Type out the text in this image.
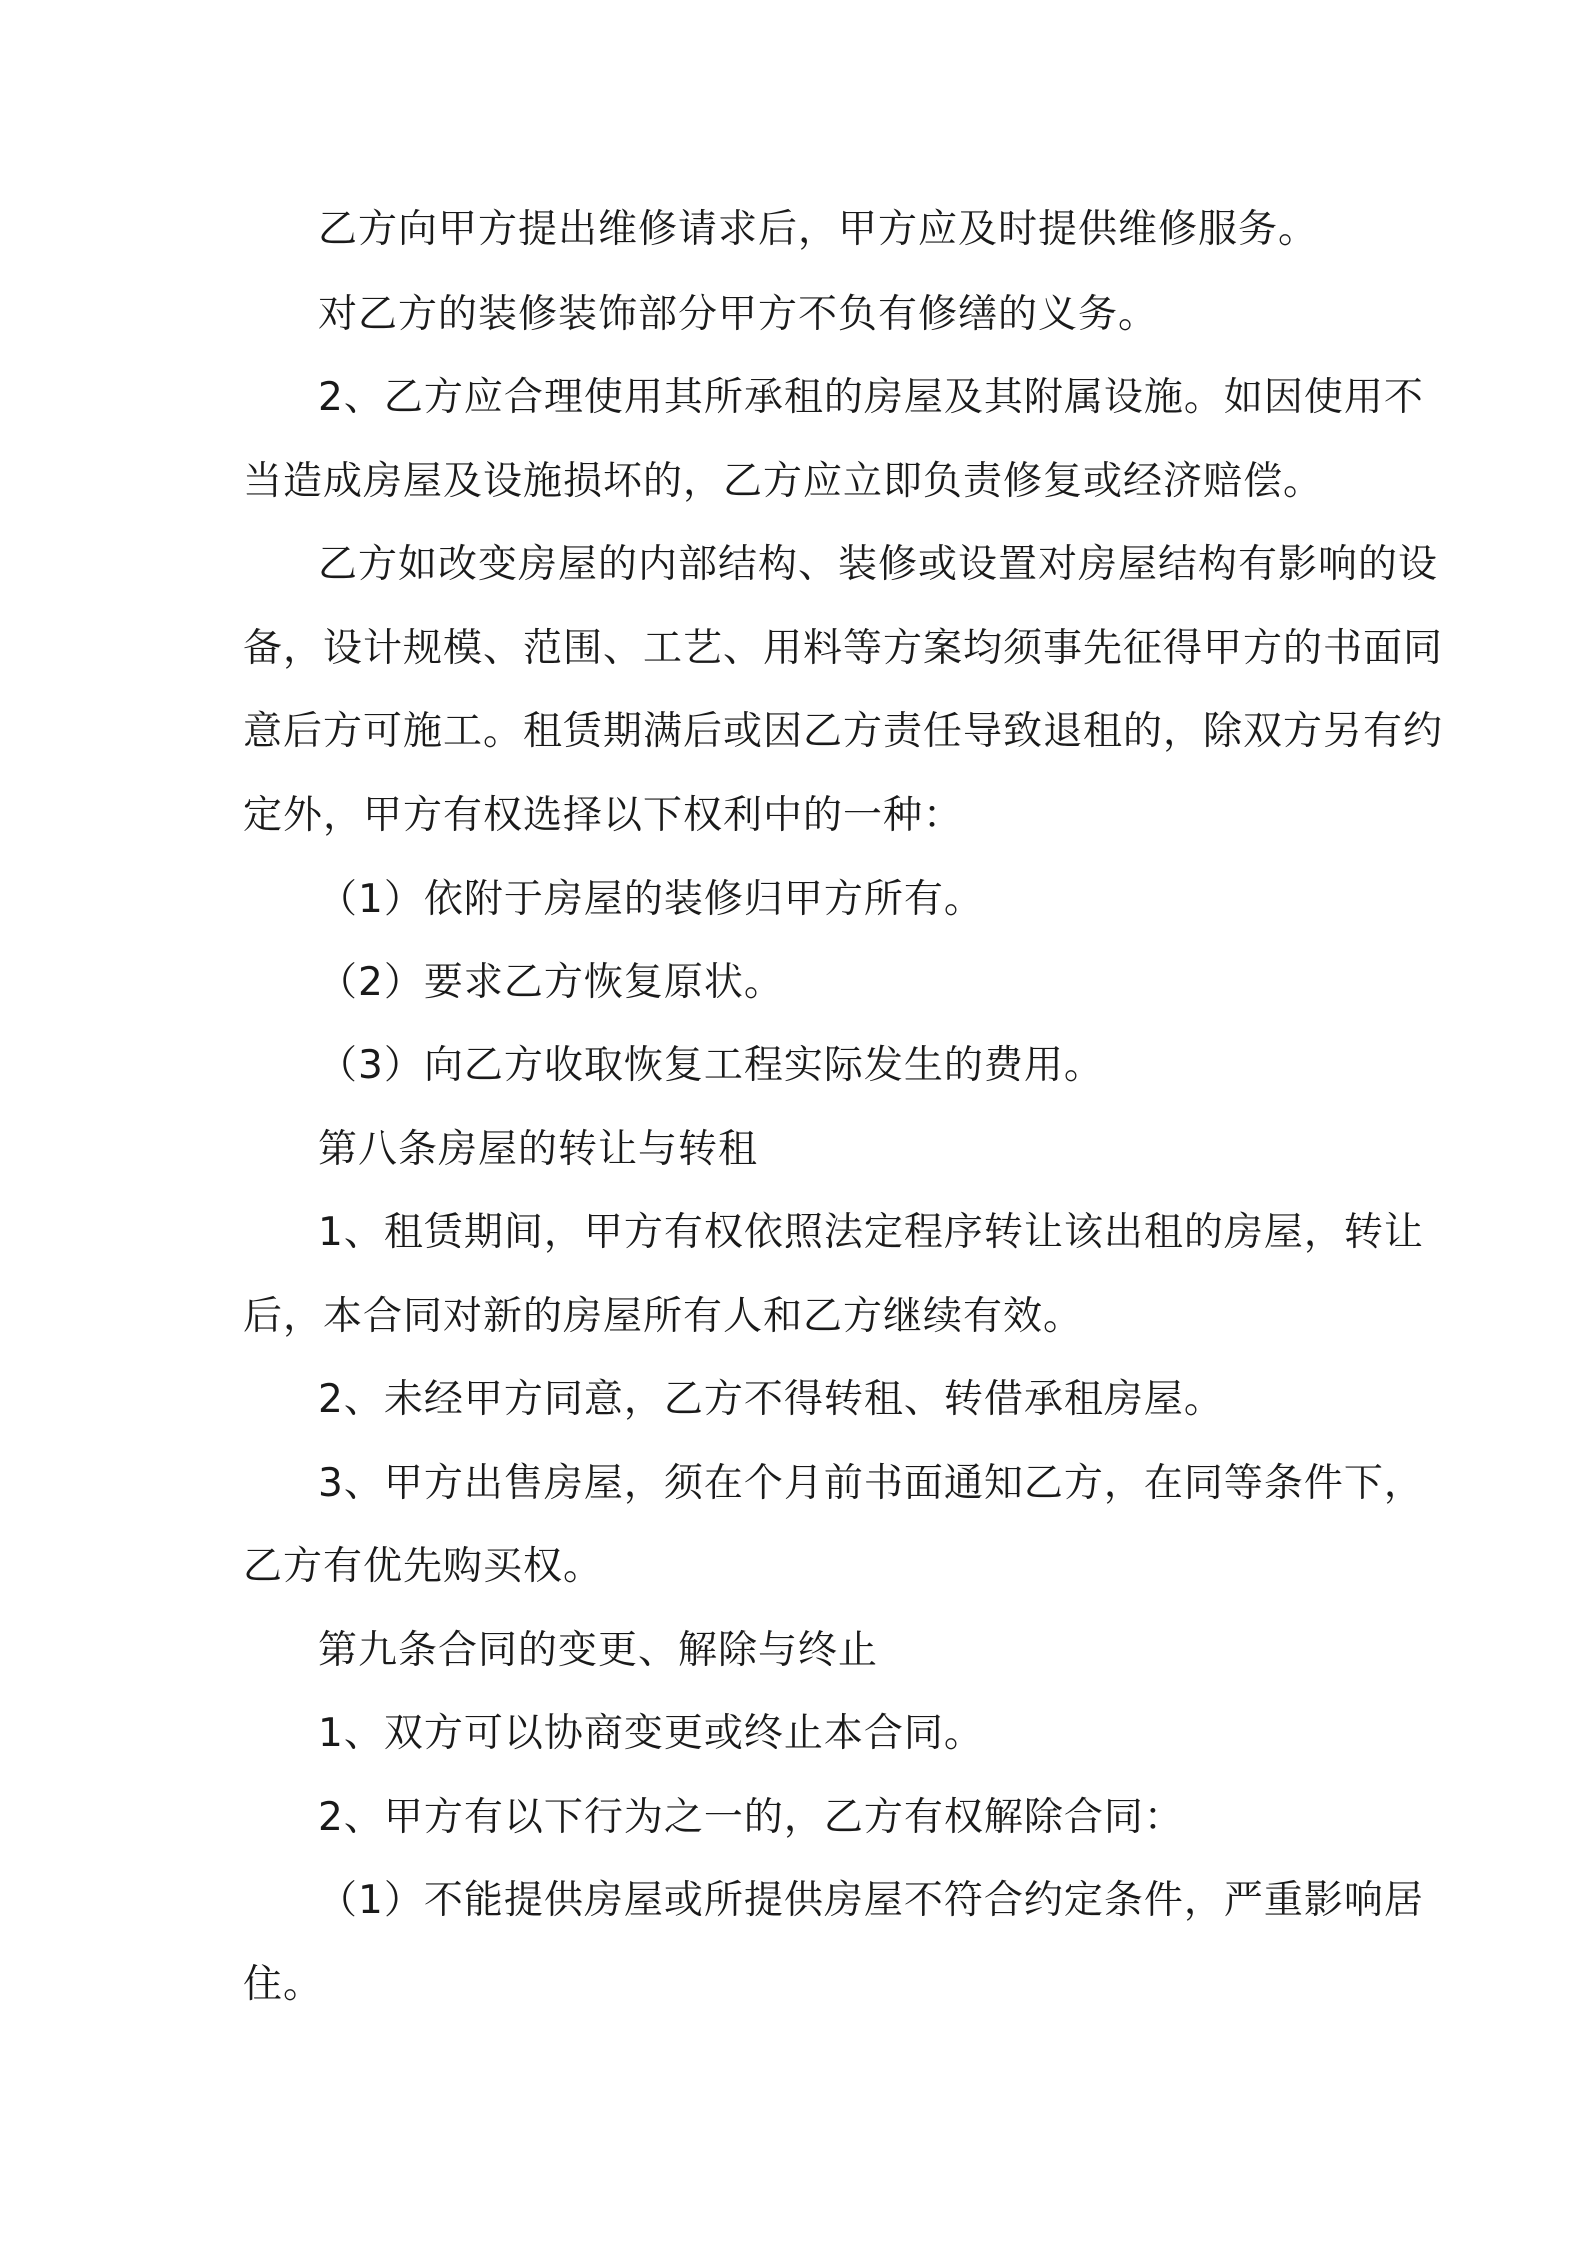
乙方向甲方提出维修请求后，甲方应及时提供维修服务。

对乙方的装修装饰部分甲方不负有修缮的义务。

2、乙方应合理使用其所承租的房屋及其附属设施。如因使用不

当造成房屋及设施损坏的，乙方应立即负责修复或经济赔偿。

乙方如改变房屋的内部结构、装修或设置对房屋结构有影响的设

备，设计规模、范围、工艺、用料等方案均须事先征得甲方的书面同

意后方可施工。租赁期满后或因乙方责任导致退租的，除双方另有约

定外，甲方有权选择以下权利中的一种：

（1）依附于房屋的装修归甲方所有。

（2）要求乙方恢复原状。

（3）向乙方收取恢复工程实际发生的费用。

第八条房屋的转让与转租

1、租赁期间，甲方有权依照法定程序转让该出租的房屋，转让

后，本合同对新的房屋所有人和乙方继续有效。

2、未经甲方同意，乙方不得转租、转借承租房屋。

3、甲方出售房屋，须在个月前书面通知乙方，在同等条件下，

乙方有优先购买权。

第九条合同的变更、解除与终止

1、双方可以协商变更或终止本合同。

2、甲方有以下行为之一的，乙方有权解除合同：

（1）不能提供房屋或所提供房屋不符合约定条件，严重影响居

住。
